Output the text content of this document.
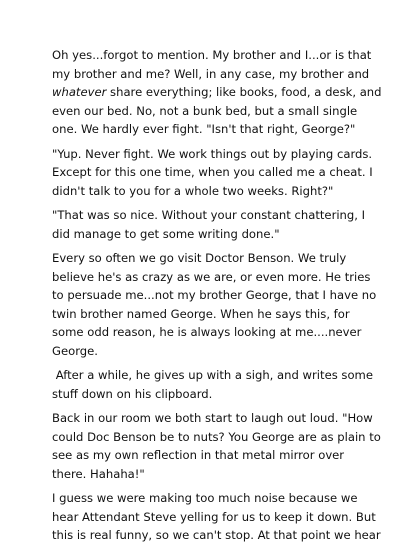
Oh yes...forgot to mention. My brother and I...or is that my brother and me? Well, in any case, my brother and whatever share everything; like books, food, a desk, and even our bed. No, not a bunk bed, but a small single one. We hardly ever fight. "Isn't that right, George?"

"Yup. Never fight. We work things out by playing cards. Except for this one time, when you called me a cheat. I didn't talk to you for a whole two weeks. Right?"

"That was so nice. Without your constant chattering, I did manage to get some writing done."

Every so often we go visit Doctor Benson. We truly believe he's as crazy as we are, or even more. He tries to persuade me...not my brother George, that I have no twin brother named George. When he says this, for some odd reason, he is always looking at me....never George.

After a while, he gives up with a sigh, and writes some stuff down on his clipboard.

Back in our room we both start to laugh out loud. "How could Doc Benson be to nuts? You George are as plain to see as my own reflection in that metal mirror over there. Hahaha!"

I guess we were making too much noise because we hear Attendant Steve yelling for us to keep it down. But this is real funny, so we can't stop. At that point we hear
